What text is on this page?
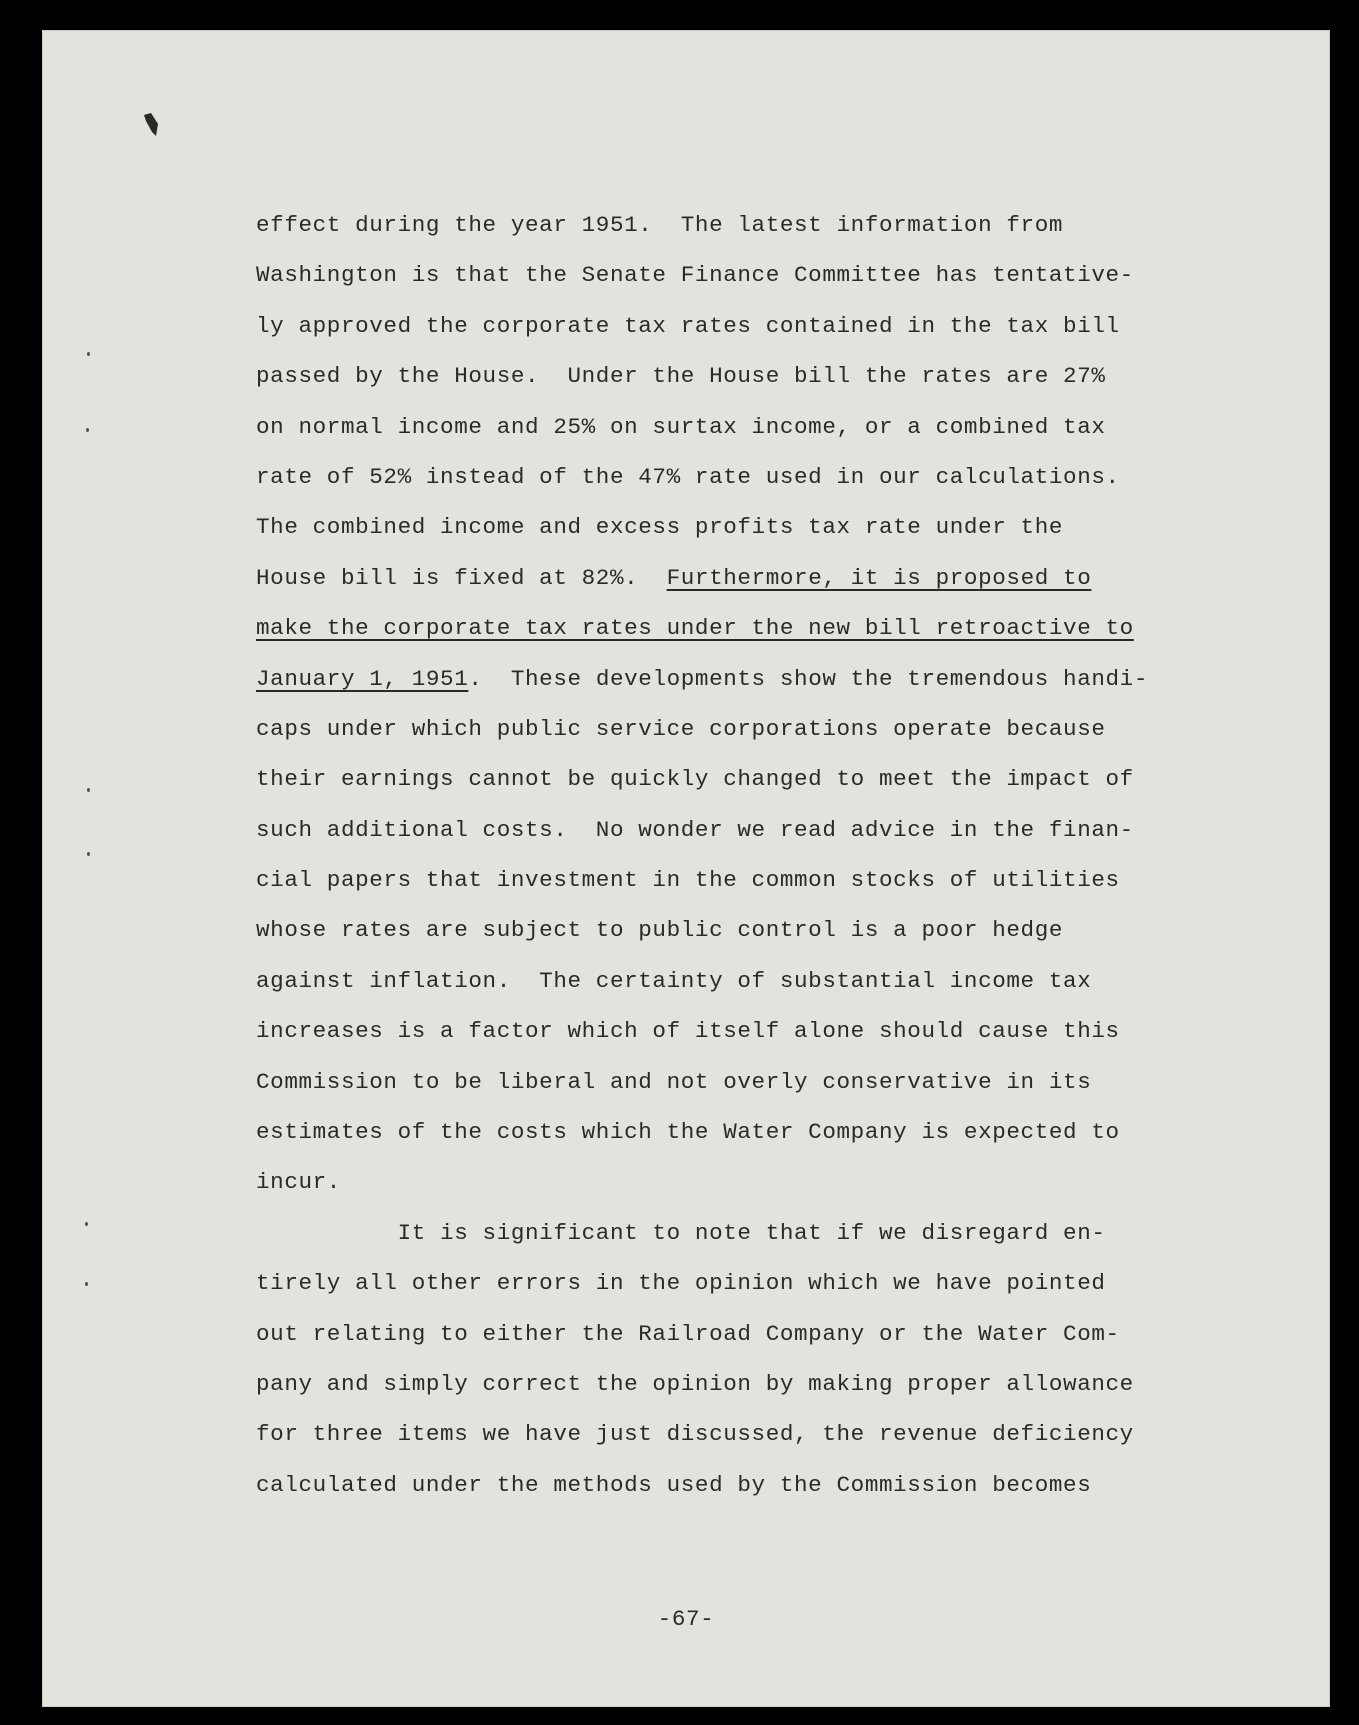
effect during the year 1951.  The latest information from
Washington is that the Senate Finance Committee has tentative-
ly approved the corporate tax rates contained in the tax bill
passed by the House.  Under the House bill the rates are 27%
on normal income and 25% on surtax income, or a combined tax
rate of 52% instead of the 47% rate used in our calculations.
The combined income and excess profits tax rate under the
House bill is fixed at 82%.  Furthermore, it is proposed to
make the corporate tax rates under the new bill retroactive to
January 1, 1951.  These developments show the tremendous handi-
caps under which public service corporations operate because
their earnings cannot be quickly changed to meet the impact of
such additional costs.  No wonder we read advice in the finan-
cial papers that investment in the common stocks of utilities
whose rates are subject to public control is a poor hedge
against inflation.  The certainty of substantial income tax
increases is a factor which of itself alone should cause this
Commission to be liberal and not overly conservative in its
estimates of the costs which the Water Company is expected to
incur.
It is significant to note that if we disregard en-
tirely all other errors in the opinion which we have pointed
out relating to either the Railroad Company or the Water Com-
pany and simply correct the opinion by making proper allowance
for three items we have just discussed, the revenue deficiency
calculated under the methods used by the Commission becomes
-67-
